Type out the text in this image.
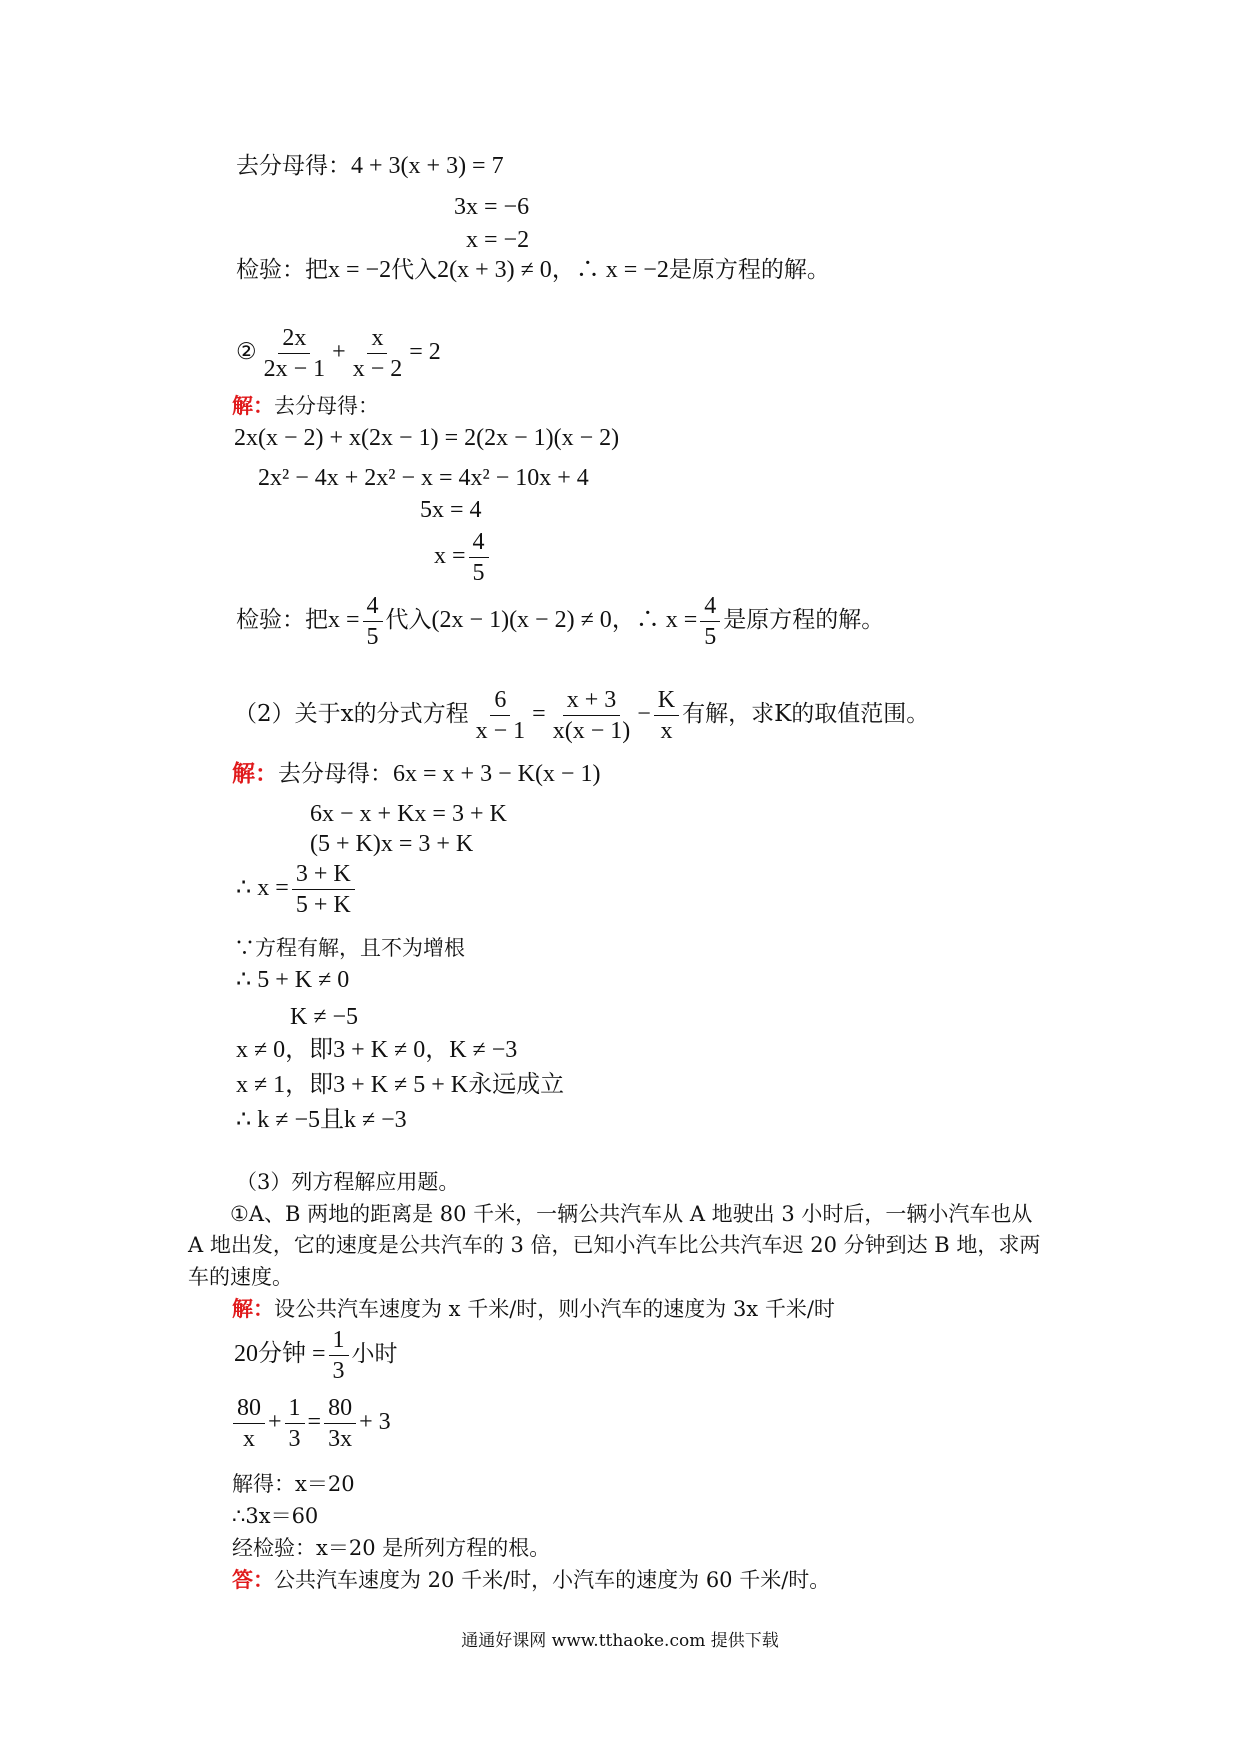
去分母得：4 + 3(x + 3) = 7
3x = −6
x = −2
检验：把x = −2代入2(x + 3) ≠ 0，∴ x = −2是原方程的解。
② $\frac{2x}{2x - 1} + \frac{x}{x - 2} = 2$
解：去分母得：
2x(x − 2) + x(2x − 1) = 2(2x − 1)(x − 2)
2x² − 4x + 2x² − x = 4x² − 10x + 4
5x = 4
$x = \frac{4}{5}$
检验：把$x = \frac{4}{5}$ 代入(2x − 1)(x − 2) ≠ 0，∴ $x = \frac{4}{5}$ 是原方程的解。
（2）关于x的分式方程 $\frac{6}{x - 1} = \frac{x + 3}{x(x - 1)} - \frac{K}{x}$ 有解，求K的取值范围。
解：去分母得：6x = x + 3 − K(x − 1)
6x − x + Kx = 3 + K
(5 + K)x = 3 + K
∴ $x = \frac{3 + K}{5 + K}$
∵方程有解，且不为增根
∴ 5 + K ≠ 0
K ≠ −5
x ≠ 0，即3 + K ≠ 0，K ≠ −3
x ≠ 1，即3 + K ≠ 5 + K永远成立
∴ k ≠ −5且k ≠ −3
（3）列方程解应用题。
①A、B 两地的距离是 80 千米，一辆公共汽车从 A 地驶出 3 小时后，一辆小汽车也从
A 地出发，它的速度是公共汽车的 3 倍，已知小汽车比公共汽车迟 20 分钟到达 B 地，求两
车的速度。
解：设公共汽车速度为 x 千米/时，则小汽车的速度为 3x 千米/时
20分钟 = $\frac{1}{3}$ 小时
$\frac{80}{x} + \frac{1}{3} = \frac{80}{3x} + 3$
解得：x＝20
∴3x＝60
经检验：x＝20 是所列方程的根。
答：公共汽车速度为 20 千米/时，小汽车的速度为 60 千米/时。
通通好课网 www.tthaoke.com 提供下载
